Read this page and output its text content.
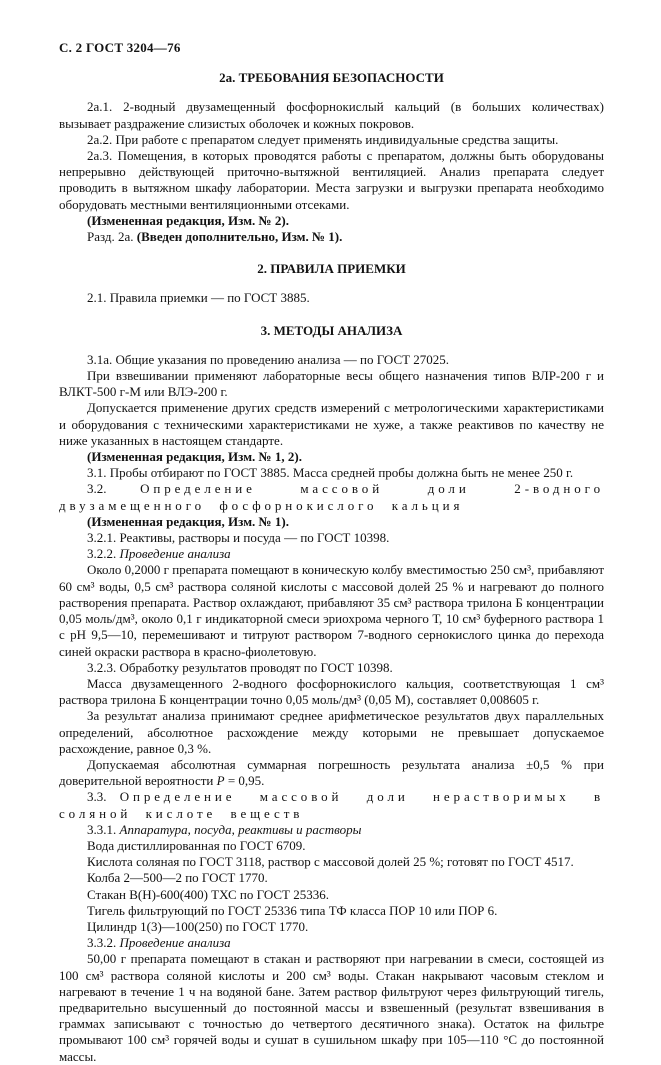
С. 2 ГОСТ 3204—76
2а. ТРЕБОВАНИЯ БЕЗОПАСНОСТИ

2а.1. 2-водный двузамещенный фосфорнокислый кальций (в больших количествах) вызывает раздражение слизистых оболочек и кожных покровов.

2а.2. При работе с препаратом следует применять индивидуальные средства защиты.

2а.3. Помещения, в которых проводятся работы с препаратом, должны быть оборудованы непрерывно действующей приточно-вытяжной вентиляцией. Анализ препарата следует проводить в вытяжном шкафу лаборатории. Места загрузки и выгрузки препарата необходимо оборудовать местными вентиляционными отсеками.

(Измененная редакция, Изм. № 2).

Разд. 2а. (Введен дополнительно, Изм. № 1).

2. ПРАВИЛА ПРИЕМКИ

2.1. Правила приемки — по ГОСТ 3885.

3. МЕТОДЫ АНАЛИЗА

3.1а. Общие указания по проведению анализа — по ГОСТ 27025.

При взвешивании применяют лабораторные весы общего назначения типов ВЛР-200 г и ВЛКТ-500 г-М или ВЛЭ-200 г.

Допускается применение других средств измерений с метрологическими характеристиками и оборудования с техническими характеристиками не хуже, а также реактивов по качеству не ниже указанных в настоящем стандарте.

(Измененная редакция, Изм. № 1, 2).

3.1. Пробы отбирают по ГОСТ 3885. Масса средней пробы должна быть не менее 250 г.

3.2. Определение массовой доли 2-водного двузамещенного фосфорнокислого кальция

(Измененная редакция, Изм. № 1).

3.2.1. Реактивы, растворы и посуда — по ГОСТ 10398.

3.2.2. Проведение анализа

Около 0,2000 г препарата помещают в коническую колбу вместимостью 250 см³, прибавляют 60 см³ воды, 0,5 см³ раствора соляной кислоты с массовой долей 25 % и нагревают до полного растворения препарата. Раствор охлаждают, прибавляют 35 см³ раствора трилона Б концентрации 0,05 моль/дм³, около 0,1 г индикаторной смеси эриохрома черного Т, 10 см³ буферного раствора 1 с рН 9,5—10, перемешивают и титруют раствором 7-водного сернокислого цинка до перехода синей окраски раствора в красно-фиолетовую.

3.2.3. Обработку результатов проводят по ГОСТ 10398.

Масса двузамещенного 2-водного фосфорнокислого кальция, соответствующая 1 см³ раствора трилона Б концентрации точно 0,05 моль/дм³ (0,05 М), составляет 0,008605 г.

За результат анализа принимают среднее арифметическое результатов двух параллельных определений, абсолютное расхождение между которыми не превышает допускаемое расхождение, равное 0,3 %.

Допускаемая абсолютная суммарная погрешность результата анализа ±0,5 % при доверительной вероятности Р = 0,95.

3.3. Определение массовой доли нерастворимых в соляной кислоте веществ

3.3.1. Аппаратура, посуда, реактивы и растворы

Вода дистиллированная по ГОСТ 6709.

Кислота соляная по ГОСТ 3118, раствор с массовой долей 25 %; готовят по ГОСТ 4517.

Колба 2—500—2 по ГОСТ 1770.

Стакан В(Н)-600(400) ТХС по ГОСТ 25336.

Тигель фильтрующий по ГОСТ 25336 типа ТФ класса ПОР 10 или ПОР 6.

Цилиндр 1(3)—100(250) по ГОСТ 1770.

3.3.2. Проведение анализа

50,00 г препарата помещают в стакан и растворяют при нагревании в смеси, состоящей из 100 см³ раствора соляной кислоты и 200 см³ воды. Стакан накрывают часовым стеклом и нагревают в течение 1 ч на водяной бане. Затем раствор фильтруют через фильтрующий тигель, предварительно высушенный до постоянной массы и взвешенный (результат взвешивания в граммах записывают с точностью до четвертого десятичного знака). Остаток на фильтре промывают 100 см³ горячей воды и сушат в сушильном шкафу при 105—110 °С до постоянной массы.
